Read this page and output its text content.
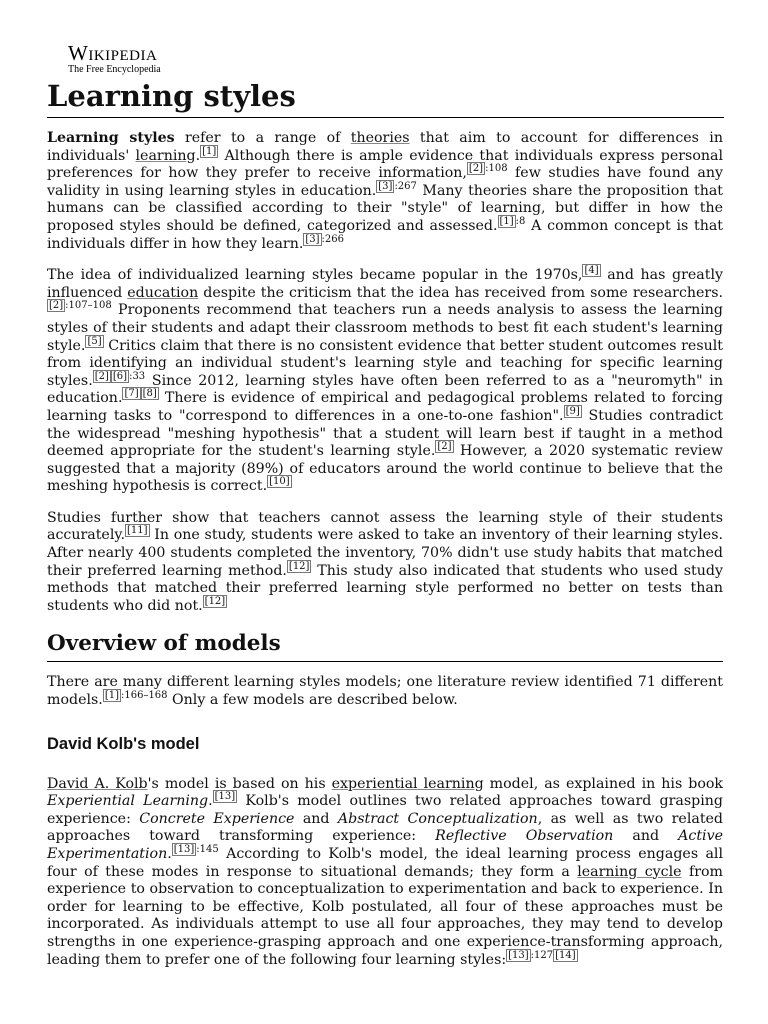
Wikipedia
The Free Encyclopedia
Learning styles

Learning styles refer to a range of theories that aim to account for differences in individuals' learning. [1] Although there is ample evidence that individuals express personal preferences for how they prefer to receive information, $^{[2] :108}$ few studies have found any validity in using learning styles in education. $^{[3] :267}$ Many theories share the proposition that humans can be classified according to their "style" of learning, but differ in how the proposed styles should be defined, categorized and assessed. $^{[1] :8}$ A common concept is that individuals differ in how they learn. $^{[3] :266}$

The idea of individualized learning styles became popular in the 1970s, [4] and has greatly influenced education despite the criticism that the idea has received from some researchers.$^{[2] :107-108}$ Proponents recommend that teachers run a needs analysis to assess the learning styles of their students and adapt their classroom methods to best fit each student's learning style. [5] Critics claim that there is no consistent evidence that better student outcomes result from identifying an individual student's learning style and teaching for specific learning styles. $^{[2] [6] :33}$ Since 2012, learning styles have often been referred to as a "neuromyth" in education. [7] [8] There is evidence of empirical and pedagogical problems related to forcing learning tasks to "correspond to differences in a one-to-one fashion". [9] Studies contradict the widespread "meshing hypothesis" that a student will learn best if taught in a method deemed appropriate for the student's learning style. [2] However, a 2020 systematic review suggested that a majority (89%) of educators around the world continue to believe that the meshing hypothesis is correct. [10]

Studies further show that teachers cannot assess the learning style of their students accurately. [11] In one study, students were asked to take an inventory of their learning styles. After nearly 400 students completed the inventory, 70% didn't use study habits that matched their preferred learning method. [12] This study also indicated that students who used study methods that matched their preferred learning style performed no better on tests than students who did not. [12]

Overview of models

There are many different learning styles models; one literature review identified 71 different models. $^{[1] :166-168}$ Only a few models are described below.

David Kolb's model

David A. Kolb's model is based on his experiential learning model, as explained in his book Experiential Learning. [13] Kolb's model outlines two related approaches toward grasping experience: Concrete Experience and Abstract Conceptualization, as well as two related approaches toward transforming experience: Reflective Observation and Active Experimentation. $^{[13] :145}$ According to Kolb's model, the ideal learning process engages all four of these modes in response to situational demands; they form a learning cycle from experience to observation to conceptualization to experimentation and back to experience. In order for learning to be effective, Kolb postulated, all four of these approaches must be incorporated. As individuals attempt to use all four approaches, they may tend to develop strengths in one experience-grasping approach and one experience-transforming approach, leading them to prefer one of the following four learning styles: [13] :127 [14]
